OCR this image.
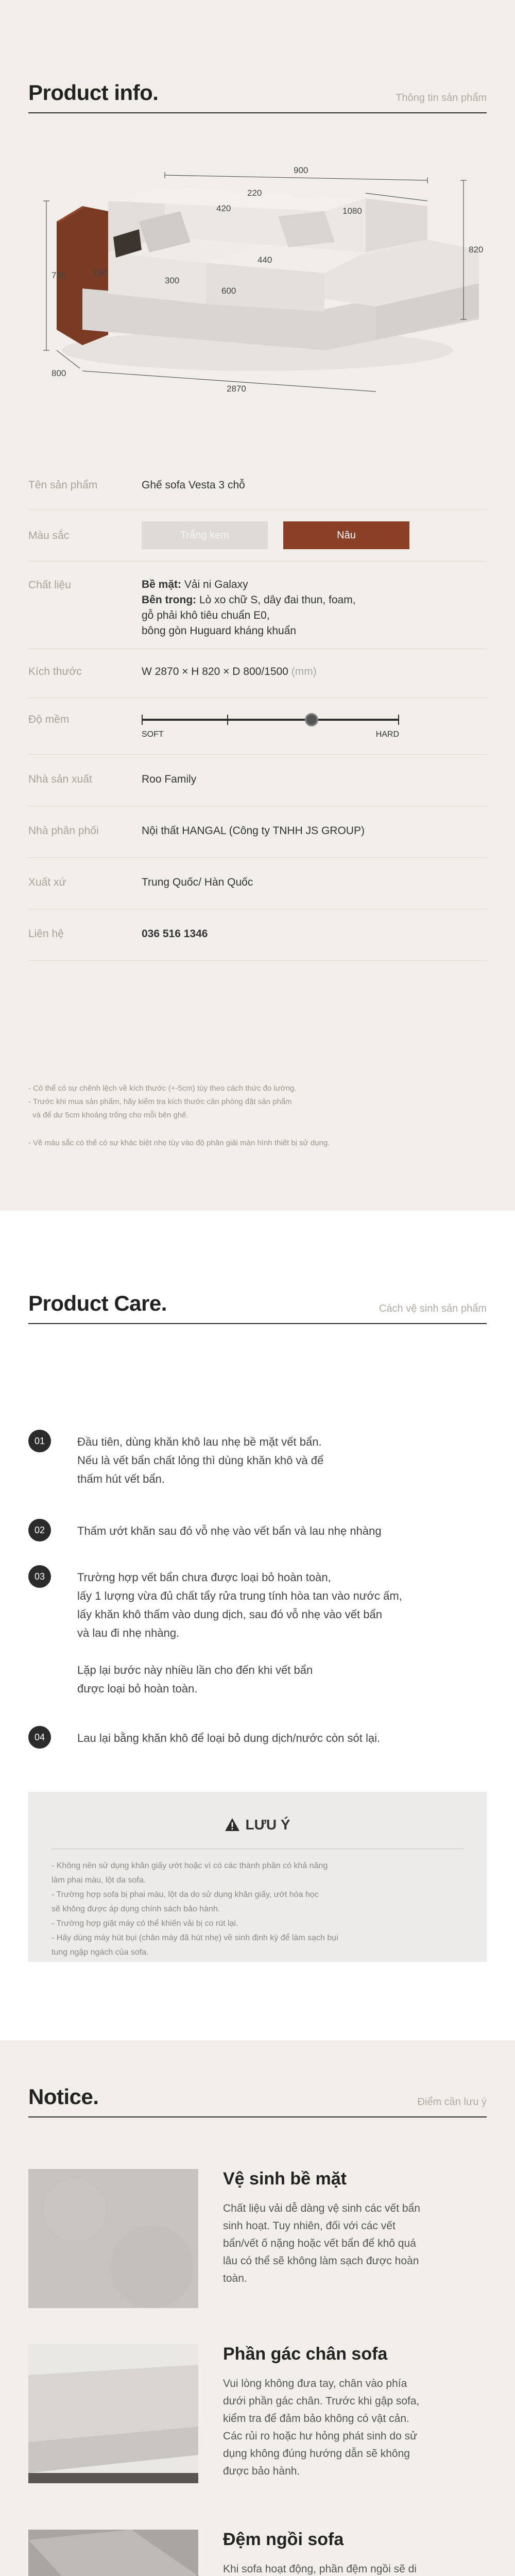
Product info.	Thông tin sản phẩm
900
1080
220
420
440
600
300
190
720
820
2870
800
Tên sản phẩm	Ghế sofa Vesta 3 chỗ
Màu sắc	Trắng kem	Nâu
Chất liệu	Bề mặt: Vải ni Galaxy
Bên trong: Lò xo chữ S, dây đai thun, foam,
gỗ phải khô tiêu chuẩn E0,
bông gòn Huguard kháng khuẩn
Kích thước	W 2870 × H 820 × D 800/1500 (mm)
Độ mềm
SOFT	HARD
Nhà sản xuất	Roo Family
Nhà phân phối	Nội thất HANGAL (Công ty TNHH JS GROUP)
Xuất xứ	Trung Quốc/ Hàn Quốc
Liên hệ	036 516 1346
- Có thể có sự chênh lệch về kích thước (+-5cm) tùy theo cách thức đo lường.
- Trước khi mua sản phẩm, hãy kiểm tra kích thước căn phòng đặt sản phẩm
và để dư 5cm khoảng trống cho mỗi bên ghế.
- Về màu sắc có thể có sự khác biệt nhẹ tùy vào độ phân giải màn hình thiết bị sử dụng.
Product Care.	Cách vệ sinh sản phẩm
01	Đầu tiên, dùng khăn khô lau nhẹ bề mặt vết bẩn.
Nếu là vết bẩn chất lỏng thì dùng khăn khô và để
thấm hút vết bẩn.
02	Thấm ướt khăn sau đó vỗ nhẹ vào vết bẩn và lau nhẹ nhàng
03	Trường hợp vết bẩn chưa được loại bỏ hoàn toàn,
lấy 1 lượng vừa đủ chất tẩy rửa trung tính hòa tan vào nước ấm,
lấy khăn khô thấm vào dung dịch, sau đó vỗ nhẹ vào vết bẩn
và lau đi nhẹ nhàng.
Lặp lại bước này nhiều lần cho đến khi vết bẩn
được loại bỏ hoàn toàn.
04	Lau lại bằng khăn khô để loại bỏ dung dịch/nước còn sót lại.
LƯU Ý
- Không nên sử dụng khăn giấy ướt hoặc vì có các thành phần có khả năng
làm phai màu, lột da sofa.
- Trường hợp sofa bị phai màu, lột da do sử dụng khăn giấy, ướt hóa học
sẽ không được áp dụng chính sách bảo hành.
- Trường hợp giặt máy có thể khiến vải bị co rút lại.
- Hãy dùng máy hút bụi (chân máy đã hút nhẹ) về sinh định kỳ để làm sạch bụi
tung ngập ngách của sofa.
Notice.	Điểm cần lưu ý
Vệ sinh bề mặt
Chất liệu vải dễ dàng vệ sinh các vết bẩn
sinh hoạt. Tuy nhiên, đối với các vết
bẩn/vết ố nặng hoặc vết bẩn để khô quá
lâu có thể sẽ không làm sạch được hoàn
toàn.
Phần gác chân sofa
Vui lòng không đưa tay, chân vào phía
dưới phần gác chân. Trước khi gập sofa,
kiểm tra để đảm bảo không có vật cản.
Các rủi ro hoặc hư hỏng phát sinh do sử
dụng không đúng hướng dẫn sẽ không
được bảo hành.
Đệm ngồi sofa
Khi sofa hoạt động, phần đệm ngồi sẽ di
